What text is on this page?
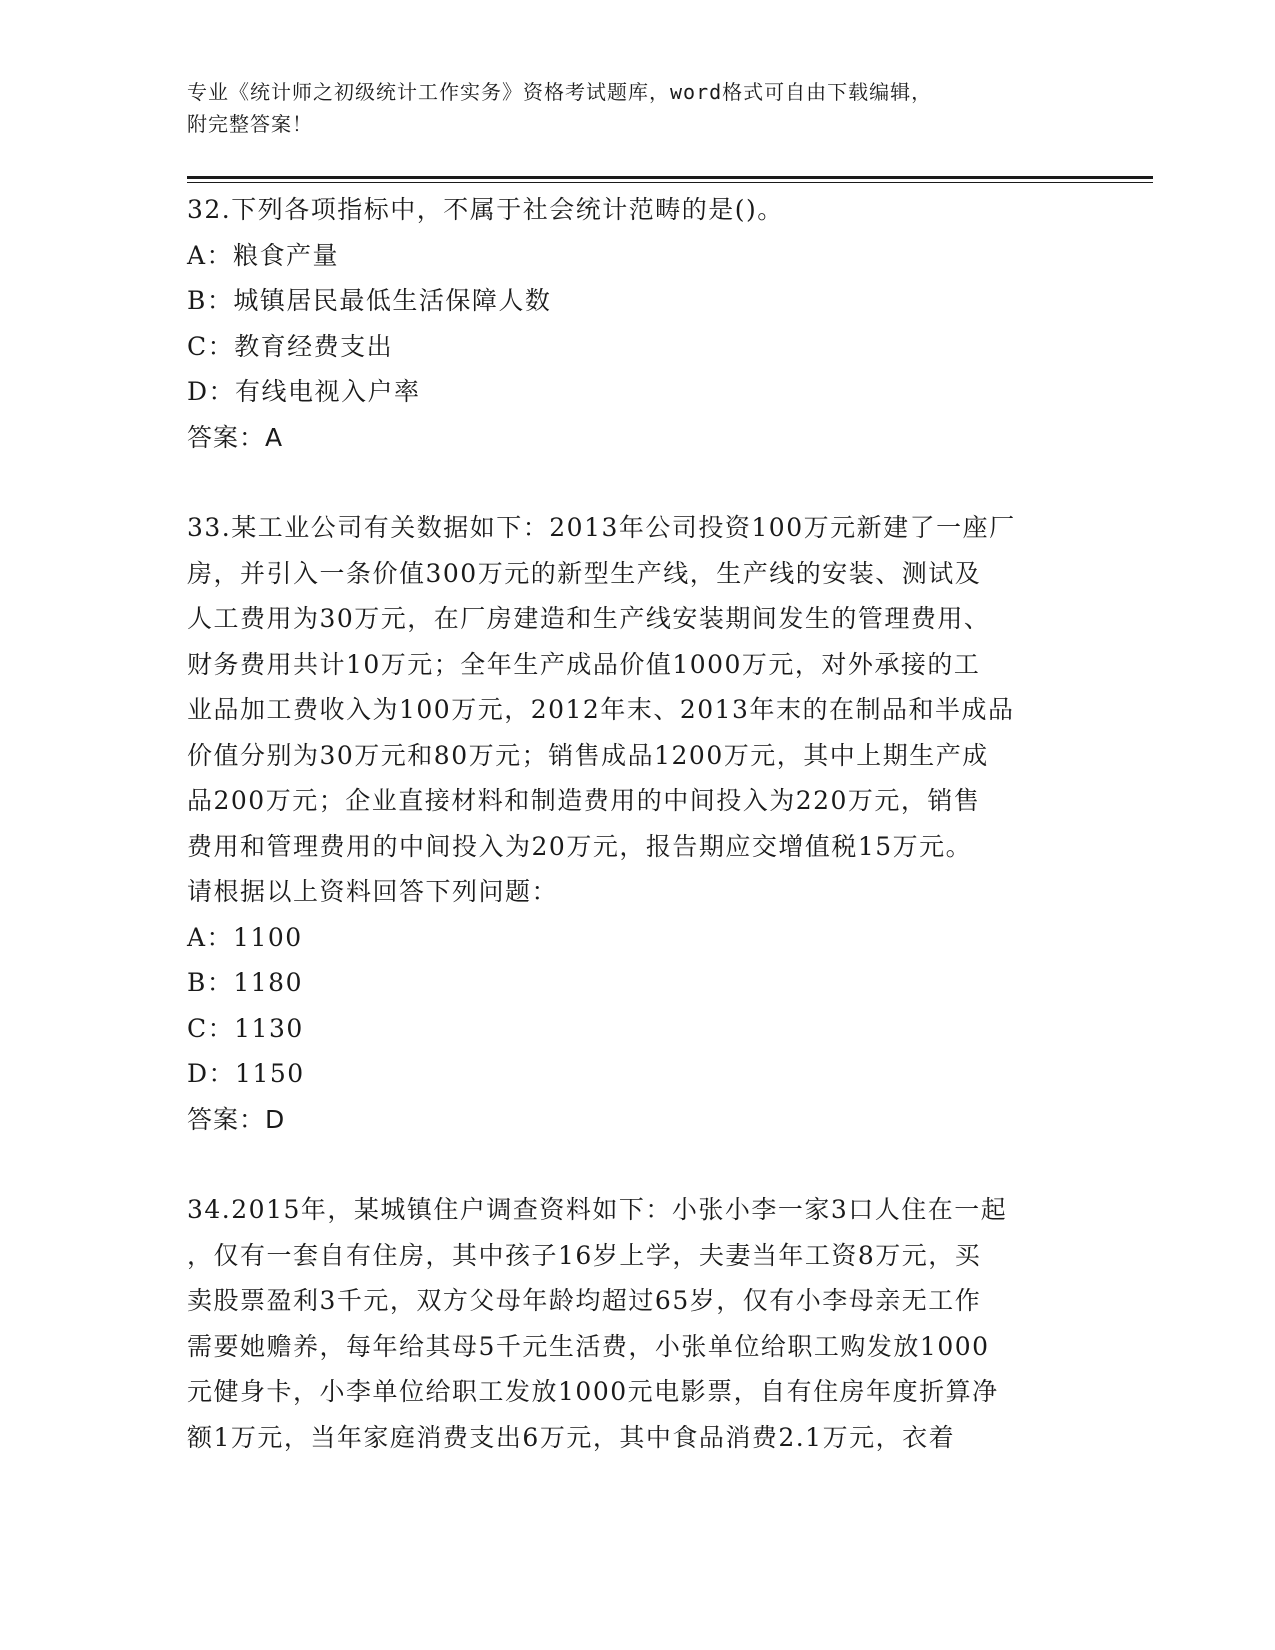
专业《统计师之初级统计工作实务》资格考试题库，word格式可自由下载编辑，
附完整答案！
32.下列各项指标中，不属于社会统计范畴的是()。
A：粮食产量
B：城镇居民最低生活保障人数
C：教育经费支出
D：有线电视入户率
答案：A
33.某工业公司有关数据如下：2013年公司投资100万元新建了一座厂
房，并引入一条价值300万元的新型生产线，生产线的安装、测试及
人工费用为30万元，在厂房建造和生产线安装期间发生的管理费用、
财务费用共计10万元；全年生产成品价值1000万元，对外承接的工
业品加工费收入为100万元，2012年末、2013年末的在制品和半成品
价值分别为30万元和80万元；销售成品1200万元，其中上期生产成
品200万元；企业直接材料和制造费用的中间投入为220万元，销售
费用和管理费用的中间投入为20万元，报告期应交增值税15万元。
请根据以上资料回答下列问题：
A：1100
B：1180
C：1130
D：1150
答案：D
34.2015年，某城镇住户调查资料如下：小张小李一家3口人住在一起
，仅有一套自有住房，其中孩子16岁上学，夫妻当年工资8万元，买
卖股票盈利3千元，双方父母年龄均超过65岁，仅有小李母亲无工作
需要她赡养，每年给其母5千元生活费，小张单位给职工购发放1000
元健身卡，小李单位给职工发放1000元电影票，自有住房年度折算净
额1万元，当年家庭消费支出6万元，其中食品消费2.1万元，衣着
